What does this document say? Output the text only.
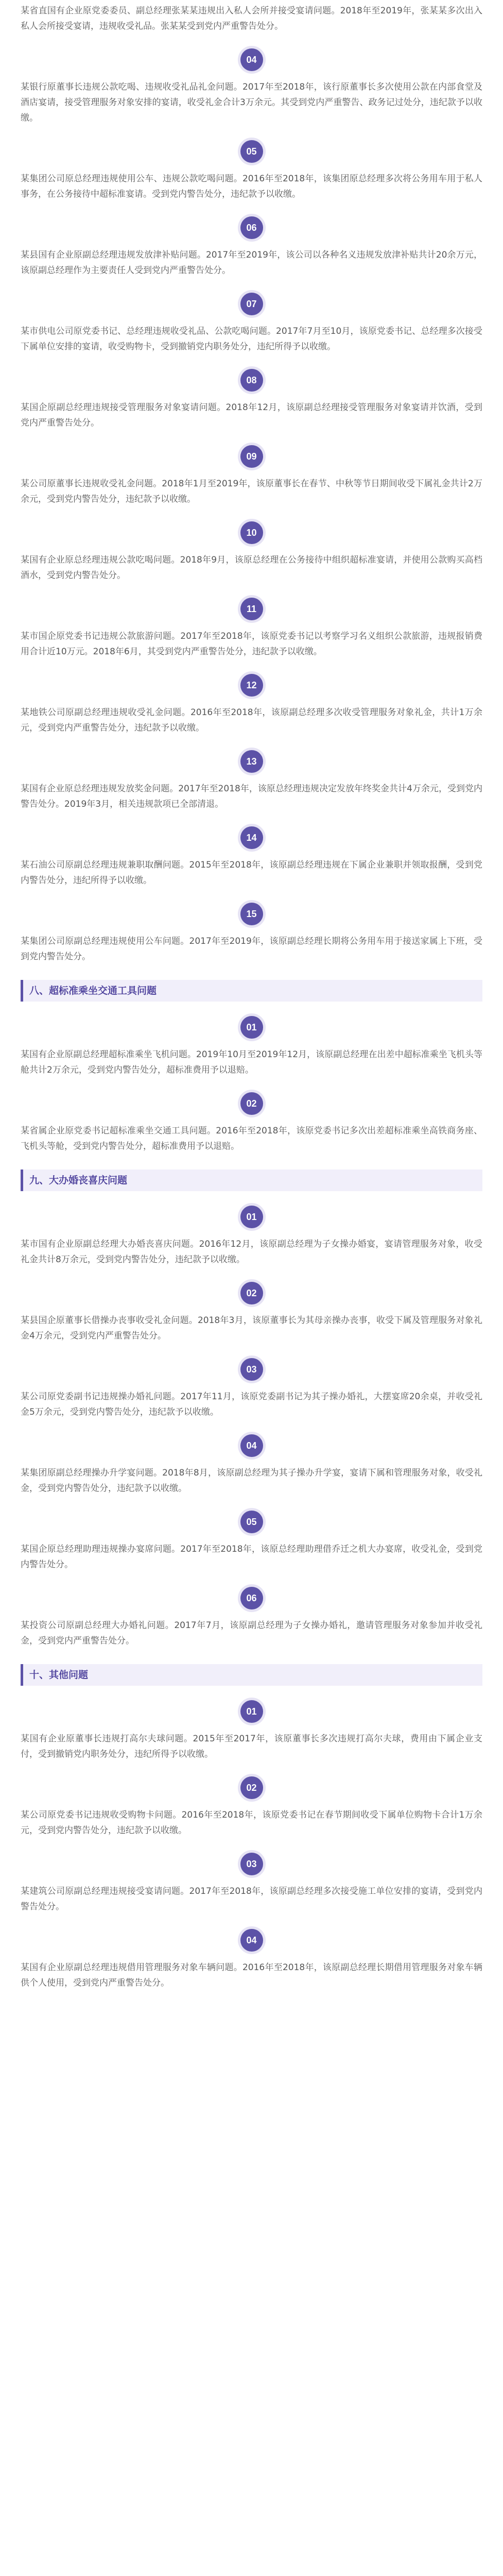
某省直国有企业原党委委员、副总经理张某某违规出入私人会所并接受宴请问题。2018年至2019年，张某某多次出入私人会所接受宴请，违规收受礼品。张某某受到党内严重警告处分。

04

某银行原董事长违规公款吃喝、违规收受礼品礼金问题。2017年至2018年，该行原董事长多次使用公款在内部食堂及酒店宴请，接受管理服务对象安排的宴请，收受礼金合计3万余元。其受到党内严重警告、政务记过处分，违纪款予以收缴。

05

某集团公司原总经理违规使用公车、违规公款吃喝问题。2016年至2018年，该集团原总经理多次将公务用车用于私人事务，在公务接待中超标准宴请。受到党内警告处分，违纪款予以收缴。

06

某县国有企业原副总经理违规发放津补贴问题。2017年至2019年，该公司以各种名义违规发放津补贴共计20余万元，该原副总经理作为主要责任人受到党内严重警告处分。

07

某市供电公司原党委书记、总经理违规收受礼品、公款吃喝问题。2017年7月至10月，该原党委书记、总经理多次接受下属单位安排的宴请，收受购物卡，受到撤销党内职务处分，违纪所得予以收缴。

08

某国企原副总经理违规接受管理服务对象宴请问题。2018年12月，该原副总经理接受管理服务对象宴请并饮酒，受到党内严重警告处分。

09

某公司原董事长违规收受礼金问题。2018年1月至2019年，该原董事长在春节、中秋等节日期间收受下属礼金共计2万余元，受到党内警告处分，违纪款予以收缴。

10

某国有企业原总经理违规公款吃喝问题。2018年9月，该原总经理在公务接待中组织超标准宴请，并使用公款购买高档酒水，受到党内警告处分。

11

某市国企原党委书记违规公款旅游问题。2017年至2018年，该原党委书记以考察学习名义组织公款旅游，违规报销费用合计近10万元。2018年6月，其受到党内严重警告处分，违纪款予以收缴。

12

某地铁公司原副总经理违规收受礼金问题。2016年至2018年，该原副总经理多次收受管理服务对象礼金，共计1万余元，受到党内严重警告处分，违纪款予以收缴。

13

某国有企业原总经理违规发放奖金问题。2017年至2018年，该原总经理违规决定发放年终奖金共计4万余元，受到党内警告处分。2019年3月，相关违规款项已全部清退。

14

某石油公司原副总经理违规兼职取酬问题。2015年至2018年，该原副总经理违规在下属企业兼职并领取报酬，受到党内警告处分，违纪所得予以收缴。

15

某集团公司原副总经理违规使用公车问题。2017年至2019年，该原副总经理长期将公务用车用于接送家属上下班，受到党内警告处分。

八、超标准乘坐交通工具问题
01

某国有企业原副总经理超标准乘坐飞机问题。2019年10月至2019年12月，该原副总经理在出差中超标准乘坐飞机头等舱共计2万余元，受到党内警告处分，超标准费用予以退赔。

02

某省属企业原党委书记超标准乘坐交通工具问题。2016年至2018年，该原党委书记多次出差超标准乘坐高铁商务座、飞机头等舱，受到党内警告处分，超标准费用予以退赔。

九、大办婚丧喜庆问题
01

某市国有企业原副总经理大办婚丧喜庆问题。2016年12月，该原副总经理为子女操办婚宴，宴请管理服务对象，收受礼金共计8万余元，受到党内警告处分，违纪款予以收缴。

02

某县国企原董事长借操办丧事收受礼金问题。2018年3月，该原董事长为其母亲操办丧事，收受下属及管理服务对象礼金4万余元，受到党内严重警告处分。

03

某公司原党委副书记违规操办婚礼问题。2017年11月，该原党委副书记为其子操办婚礼，大摆宴席20余桌，并收受礼金5万余元，受到党内警告处分，违纪款予以收缴。

04

某集团原副总经理操办升学宴问题。2018年8月，该原副总经理为其子操办升学宴，宴请下属和管理服务对象，收受礼金，受到党内警告处分，违纪款予以收缴。

05

某国企原总经理助理违规操办宴席问题。2017年至2018年，该原总经理助理借乔迁之机大办宴席，收受礼金，受到党内警告处分。

06

某投资公司原副总经理大办婚礼问题。2017年7月，该原副总经理为子女操办婚礼，邀请管理服务对象参加并收受礼金，受到党内严重警告处分。

十、其他问题
01

某国有企业原董事长违规打高尔夫球问题。2015年至2017年，该原董事长多次违规打高尔夫球，费用由下属企业支付，受到撤销党内职务处分，违纪所得予以收缴。

02

某公司原党委书记违规收受购物卡问题。2016年至2018年，该原党委书记在春节期间收受下属单位购物卡合计1万余元，受到党内警告处分，违纪款予以收缴。

03

某建筑公司原副总经理违规接受宴请问题。2017年至2018年，该原副总经理多次接受施工单位安排的宴请，受到党内警告处分。

04

某国有企业原副总经理违规借用管理服务对象车辆问题。2016年至2018年，该原副总经理长期借用管理服务对象车辆供个人使用，受到党内严重警告处分。
